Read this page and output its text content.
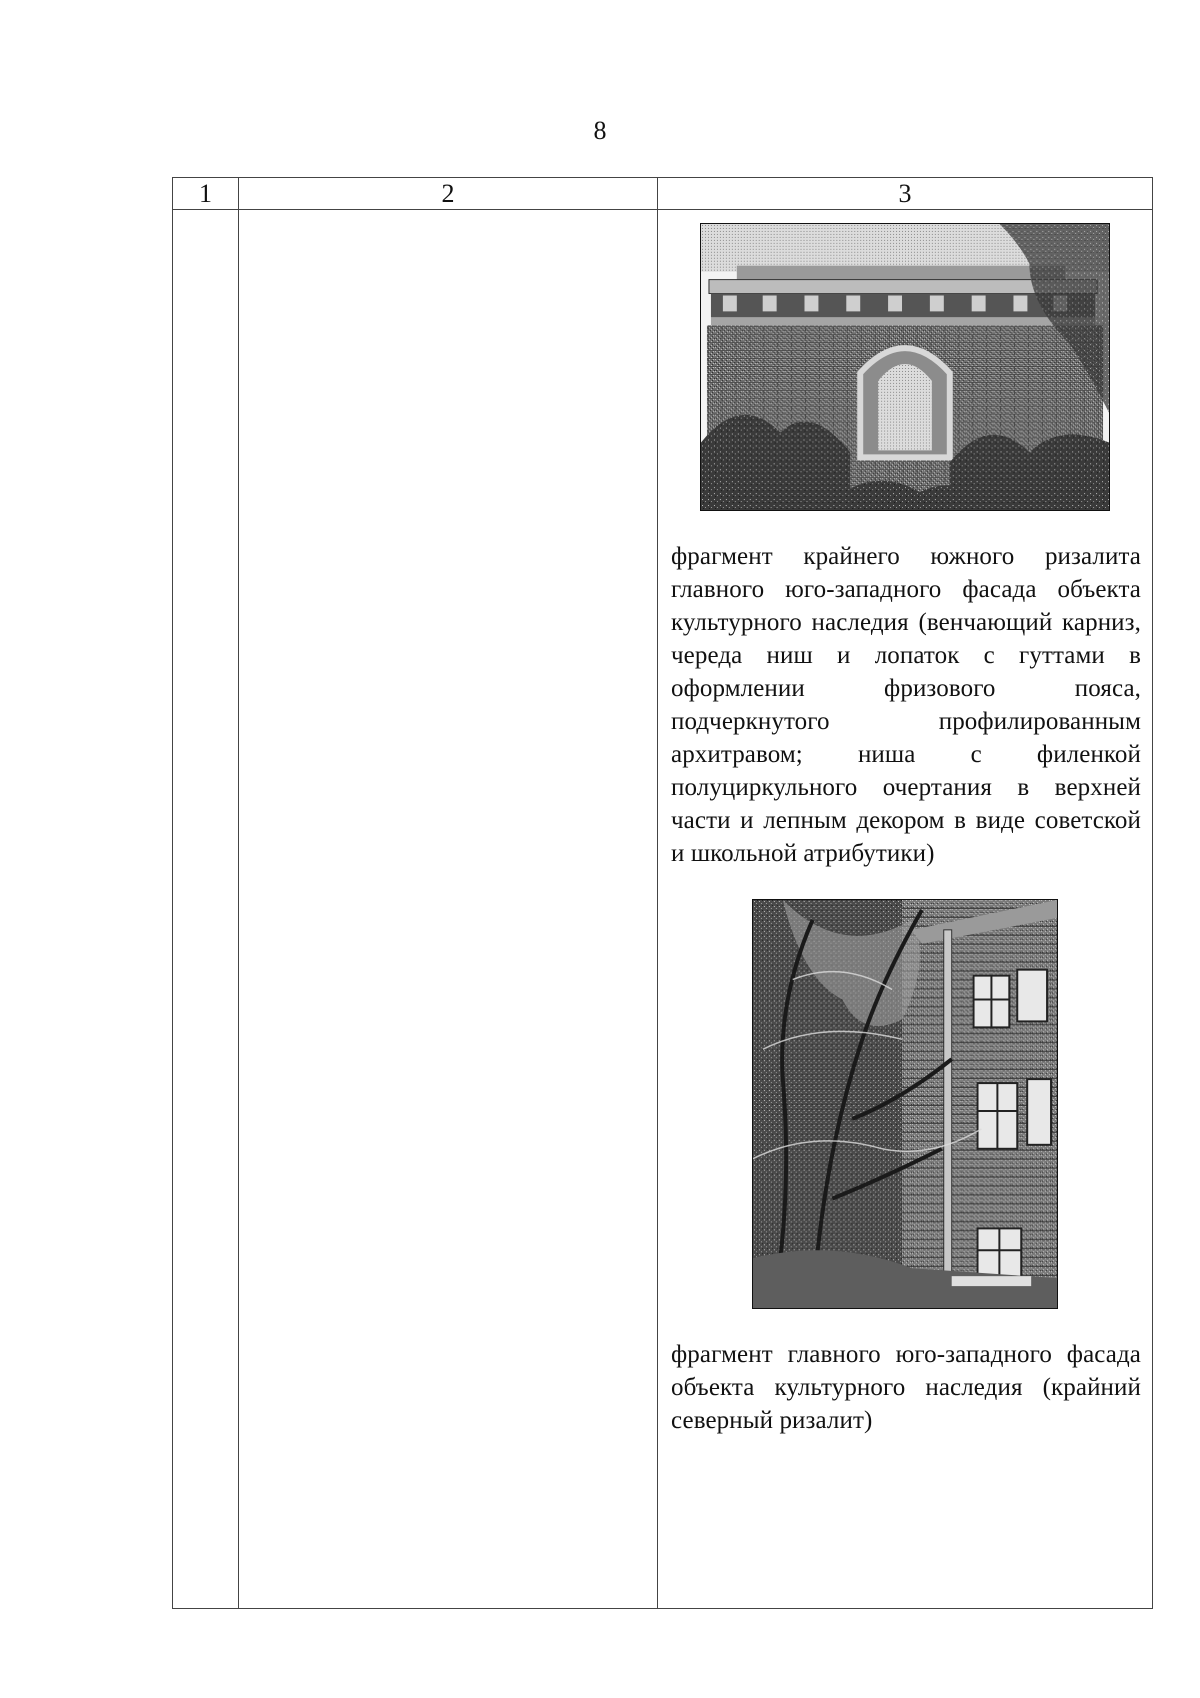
8
1	2	3

		фрагмент крайнего южного ризалита главного юго-западного фасада объекта культурного наследия (венчающий карниз, череда ниш и лопаток с гуттами в оформлении фризового пояса, подчеркнутого профилированным архитравом; ниша с филенкой полуциркульного очертания в верхней части и лепным декором в виде советской и школьной атрибутики)

фрагмент главного юго-западного фасада объекта культурного наследия (крайний северный ризалит)
